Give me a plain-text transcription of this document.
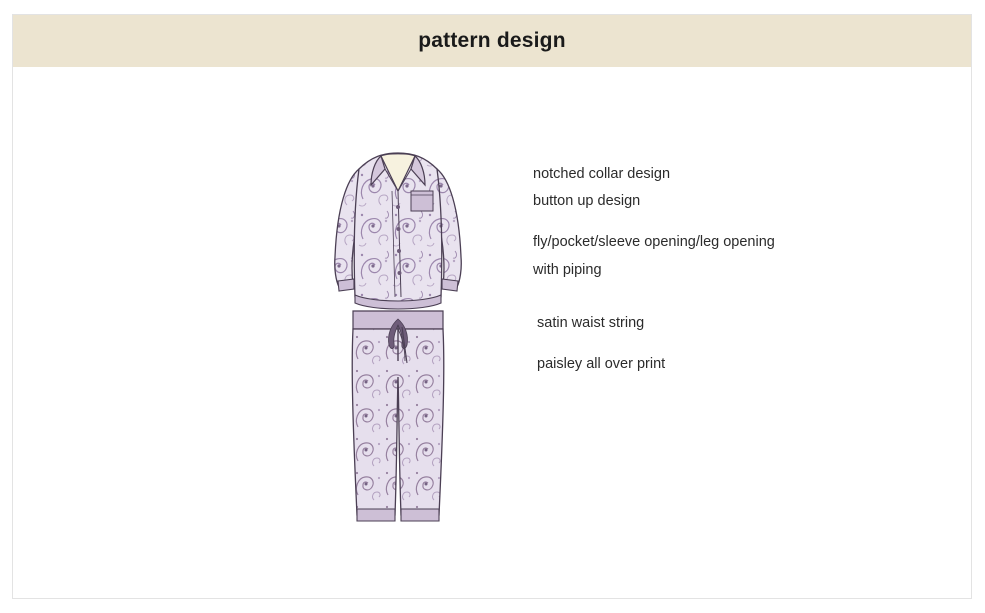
pattern design
notched collar design
button up design
fly/pocket/sleeve opening/leg opening
with piping
satin waist string
paisley all over print
